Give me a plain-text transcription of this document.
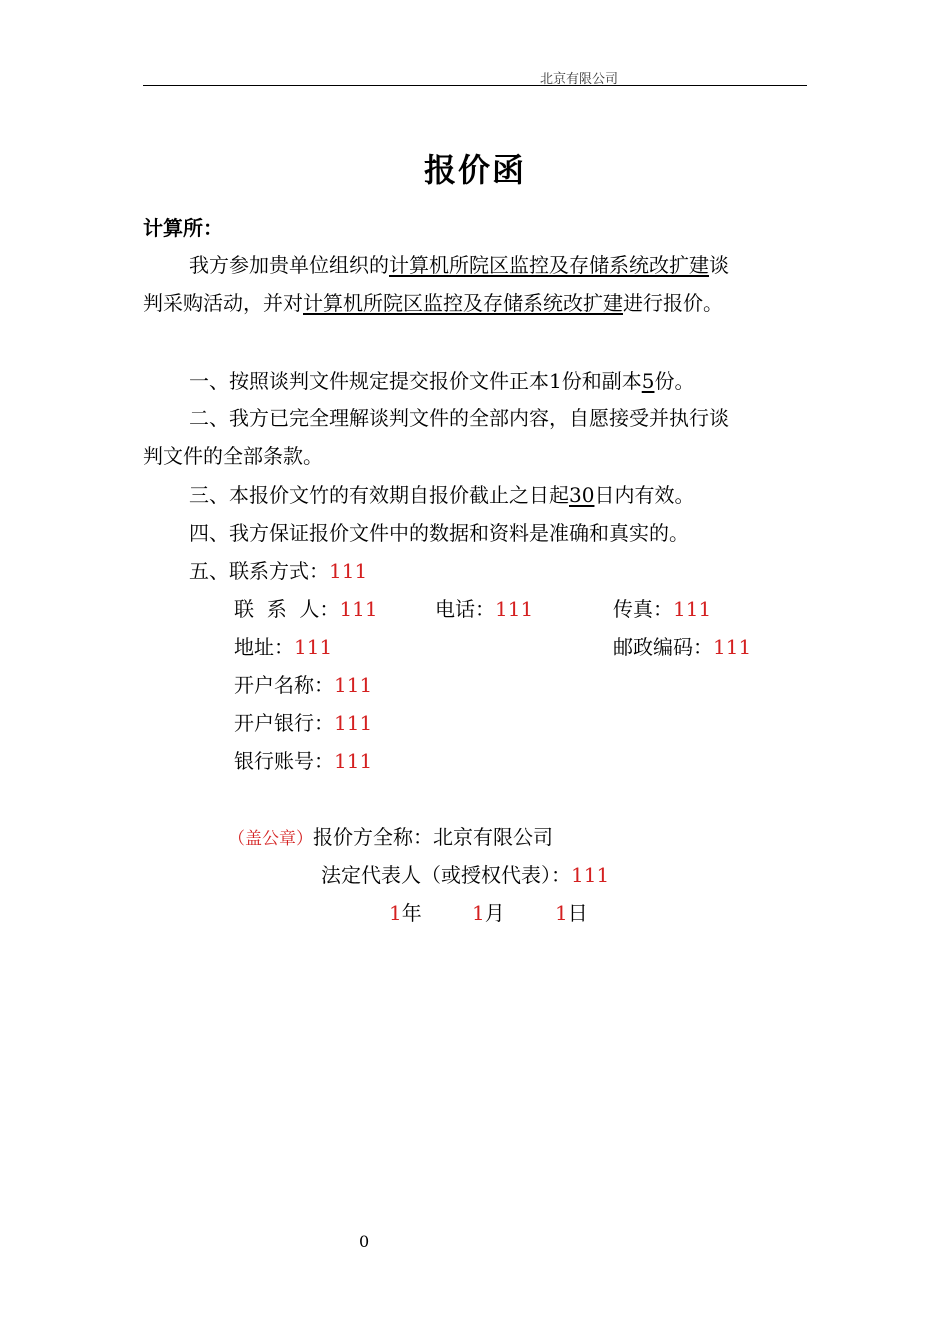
北京有限公司
报价函
计算所：
我方参加贵单位组织的计算机所院区监控及存储系统改扩建谈
判采购活动，并对计算机所院区监控及存储系统改扩建进行报价。
一、按照谈判文件规定提交报价文件正本1份和副本5份。
二、我方已完全理解谈判文件的全部内容，自愿接受并执行谈
判文件的全部条款。
三、本报价文竹的有效期自报价截止之日起30日内有效。
四、我方保证报价文件中的数据和资料是准确和真实的。
五、联系方式：111
联  系  人：111	电话：111	传真：111
地址：111	邮政编码：111
开户名称：111
开户银行：111
银行账号：111
（盖公章）报价方全称：北京有限公司
法定代表人（或授权代表）：111
1年	1月	1日
0
